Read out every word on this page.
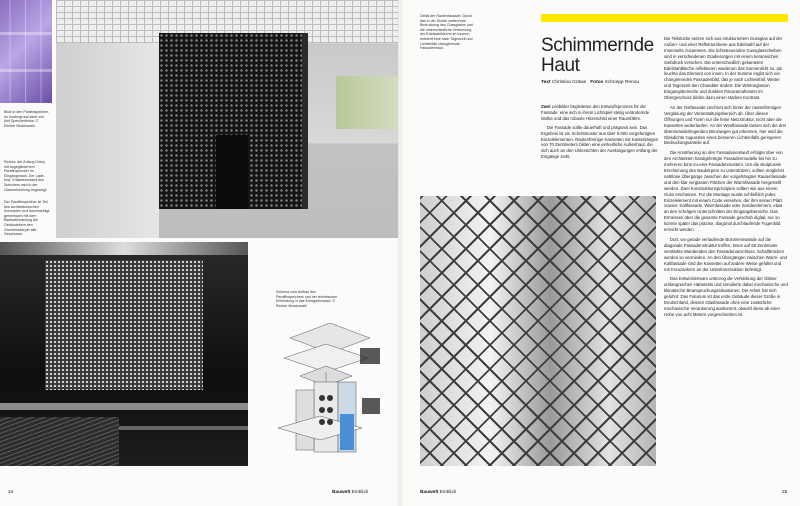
Blick in den Parafinspeicher, im Vordergrund einer von fünf Speicherfenks. © Richter Musikowski
Rechts: der Aufzug Dirko) mit angegliedertem Parafinspeicher im Eingangshaus. Der Lade- bzw. Entladezustand des Speichers wird in der Glasverkleidung angezeigt.
Der Paraffinspeicher ist Teil des architektonischen Konzeptes und durchschlägt gemeinsam mit dem Basiswühnaufzug die Gebäudekern den Grundrisskörper alle Geschosse.
Schema zum Aufbau des Paraffinspeichers und der technischen Einbindung in das Energiekonzept. © Richter Musikowski
24	Bauwelt Einblick
Detail der Rautenfassade: Durch das in der Dichte variierende Bedruckung des Gussglases und die unterschiedliche Verformung der Edelstahlbleche im Inneren entsteht eine nach Tageszeit und Lichteinfall changierende Fassadenhaut.	Schimmernde
Haut
Text Christina Gräwe Fotos Schnepp Renou

Zwei Leitbilder begleiteten den Entwurfsprozess für die Fassade: eine sich in ihrem Lichtspiel stetig verändernde Wolke und das robuste Hitzeschild einer Raumfähre.

Die Fassade sollte dauerhaft und prägnant sein. Das Ergebnis ist ein Schnittmuster aus über 6.000 vorgefertigten Einzelelementen. Rautenförmige Kassetten mit Kantenlängen von 70 Zentimetern bilden eine einheitliche Außenhaut, die sich auch an den Untersichten der Auskragungen entlang der Eingänge zieht.

Die Teilstücke setzen sich aus strukturiertem Gussglas auf der Außen- und einer Reflektorebene aus Edelstahl auf der Innenseite zusammen. Die lichtstreuenden Gussglasscheiben sind in verschiedenen Gradierungen mit einem keramischen Siebdruck versehen. Die unterschiedlich gekanteten Edelstahlbleche reflektieren wiederum das Sonnenlicht so, als leuchte das Element von innen. In der Summe ergibt sich ein changierendes Fassadenbild, das je nach Lichteinfall, Wetter und Tageszeit den Charakter ändert. Die Wärmeglasion Eingangsbereiche und dunklen Panoramafenster im Obergeschoss bilden dazu einen starken Kontrast.

An der Ostfassade zeichnet sich hinter der rautenförmigen Verglasung der Veranstaltungsbereich ab. Über diesen Öffnungen und Türen nur die feine Netzstruktur, nicht aber die Kassetten weiterlaufen. An der Westfassade lassen sich die drei übereinanderliegenden Bürowegen gut erkennen, hier wird die Glasdichte zugunsten eines besseren Lichteinfalls geringeren Bedruckungsanteile auf.

Die Annäherung an den Fassadenentwurf erfolgte über von den Architekten handgefertigte Fassadenmodelle bis hin zu mehreren Eins-zu-eins-Fassadenmustern. Um die skulpturale Erscheinung des Baukörpers zu unterstützen, sollten möglichst nahtlose Übergänge zwischen der vorgehängten Rautenfassade und den klar verglasten Flächen der Warmfassade hergestellt werden. Zwei Konstruktionsprinzipien sollten wie aus einem Guss erscheinen. Für die Montage wurde schließlich jedes Einzelelement mit einem Code versehen, der ihm seinen Platz zuwies: Kaltfassade, Warmfassade oder Sonderelement, etwa an den schrägen Unterschnitten der Eingangsbereiche. Das Ermessen über die gesamte Fassade geschah digital, nur so konnte später das präzise, diagonal durchlaufende Fugenbild erreicht werden.

Dort, wo gerade verlaufende Bürotrennwände auf die diagonale Fassadenstruktur treffen, lösen auf 60 Zentimeter verstärkte Wandenden den Fassadenanschluss. Schallbrücken werden so vermieden. An den Übergängen zwischen Warm- und Kaltfassade sind die Kassetten auf andere Weise gefaltet und mit Kreuzankern an der Unterkonstruktion befestigt.

Das Entwicklerteam unterzog die Verklebung der Gläser umfangreichen Härtetests und simulierte dabei mechanische und klimatische Beanspruchungssituationen. Die Arbeit hat sich gelohnt: Das Futurium ist das erste Gebäude dieser Größe in Deutschland, dessen Glasfassade ohne eine zusätzliche mechanische Verankerung auskommt, obwohl diese ab einer Höhe von acht Metern vorgeschrieben ist.

Bauwelt Einblick	25
